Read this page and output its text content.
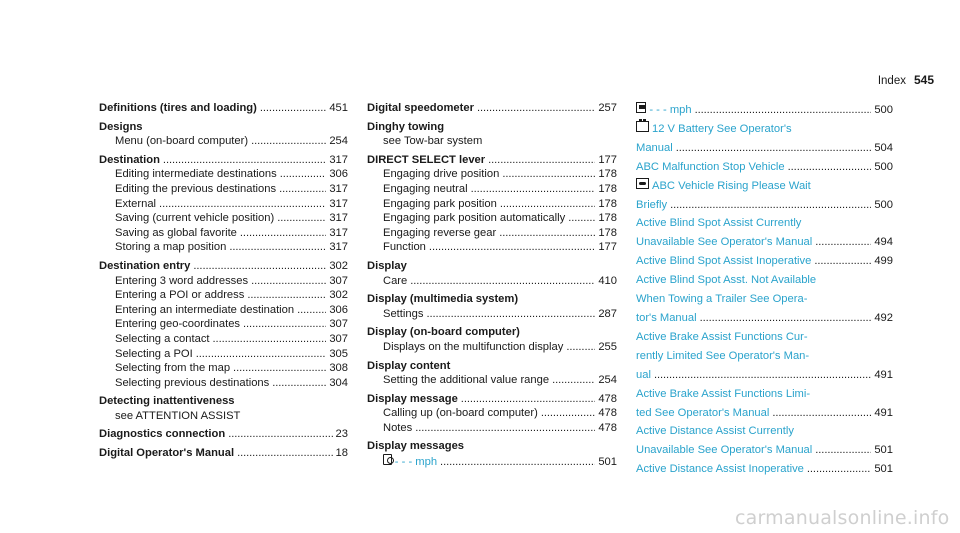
Index 545
Definitions (tires and loading) . . .	451
Designs
Menu (on-board computer) . . .	254
Destination . . .	317
Editing intermediate destinations . . .	306
Editing the previous destinations . . .	317
External . . .	317
Saving (current vehicle position) . . .	317
Saving as global favorite . . .	317
Storing a map position . . .	317
Destination entry . . .	302
Entering 3 word addresses . . .	307
Entering a POI or address . . .	302
Entering an intermediate destination . . .	306
Entering geo-coordinates . . .	307
Selecting a contact . . .	307
Selecting a POI . . .	305
Selecting from the map . . .	308
Selecting previous destinations . . .	304
Detecting inattentiveness
see ATTENTION ASSIST
Diagnostics connection . . .	23
Digital Operator's Manual . . .	18
Digital speedometer . . .	257
Dinghy towing
see Tow-bar system
DIRECT SELECT lever . . .	177
Engaging drive position . . .	178
Engaging neutral . . .	178
Engaging park position . . .	178
Engaging park position automatically . . .	178
Engaging reverse gear . . .	178
Function . . .	177
Display
Care . . .	410
Display (multimedia system)
Settings . . .	287
Display (on-board computer)
Displays on the multifunction display . . .	255
Display content
Setting the additional value range . . .	254
Display message . . .	478
Calling up (on-board computer) . . .	478
Notes . . .	478
Display messages
- - - mph . . .	501
- - - mph . . .	500
12 V Battery See Operator's
Manual . . .	504
ABC Malfunction Stop Vehicle . . .	500
ABC Vehicle Rising Please Wait
Briefly . . .	500
Active Blind Spot Assist Currently
Unavailable See Operator's Manual . . .	494
Active Blind Spot Assist Inoperative . . .	499
Active Blind Spot Asst. Not Available
When Towing a Trailer See Opera-
tor's Manual . . .	492
Active Brake Assist Functions Cur-
rently Limited See Operator's Man-
ual . . .	491
Active Brake Assist Functions Limi-
ted See Operator's Manual . . .	491
Active Distance Assist Currently
Unavailable See Operator's Manual . . .	501
Active Distance Assist Inoperative . . .	501
carmanualsonline.info
